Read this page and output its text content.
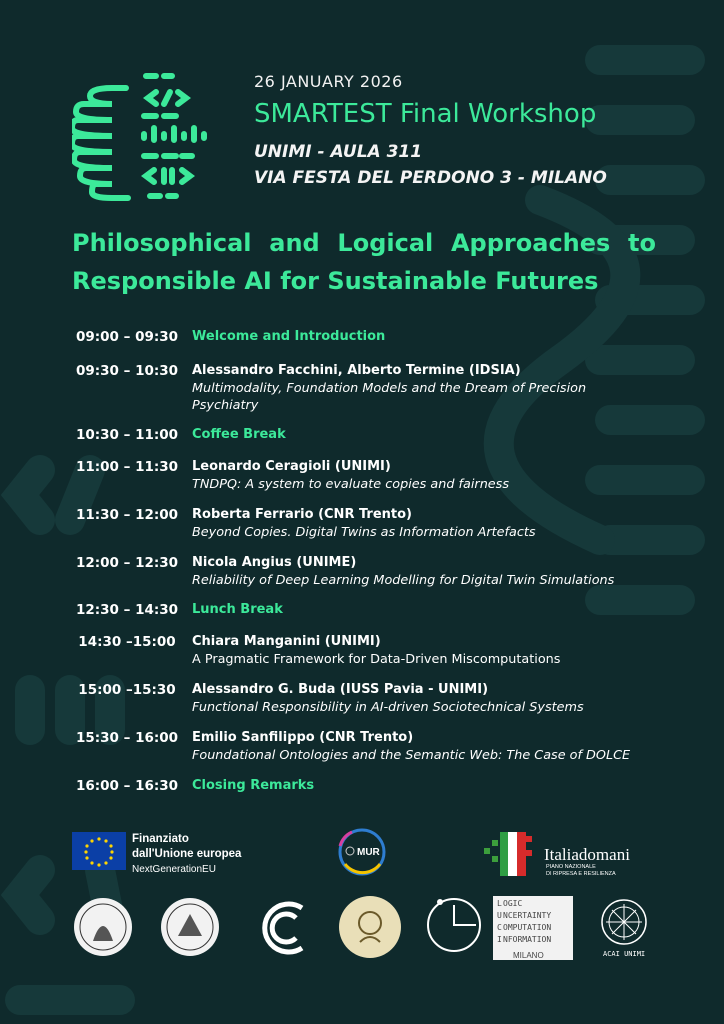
26 JANUARY 2026
SMARTEST Final Workshop
UNIMI - AULA 311
VIA FESTA DEL PERDONO 3 - MILANO
Philosophical and Logical Approaches to Responsible AI for Sustainable Futures
09:00 – 09:30	Welcome and Introduction
09:30 – 10:30	Alessandro Facchini, Alberto Termine (IDSIA)
Multimodality, Foundation Models and the Dream of Precision Psychiatry
10:30 – 11:00	Coffee Break
11:00 – 11:30	Leonardo Ceragioli (UNIMI)
TNDPQ: A system to evaluate copies and fairness
11:30 – 12:00	Roberta Ferrario (CNR Trento)
Beyond Copies. Digital Twins as Information Artefacts
12:00 – 12:30	Nicola Angius (UNIME)
Reliability of Deep Learning Modelling for Digital Twin Simulations
12:30 – 14:30	Lunch Break
14:30 –15:00	Chiara Manganini (UNIMI)
A Pragmatic Framework for Data-Driven Miscomputations
15:00 –15:30	Alessandro G. Buda (IUSS Pavia - UNIMI)
Functional Responsibility in AI-driven Sociotechnical Systems
15:30 – 16:00	Emilio Sanfilippo (CNR Trento)
Foundational Ontologies and the Semantic Web: The Case of DOLCE
16:00 – 16:30	Closing Remarks
Finanziato
dall'Unione europea
NextGenerationEU
MUR	Italiadomani
PIANO NAZIONALE
DI RIPRESA E RESILIENZA
L OGIC
U NCERTAINTY
C OMPUTATION
I NFORMATION
MILANO	ACAI UNIMI
